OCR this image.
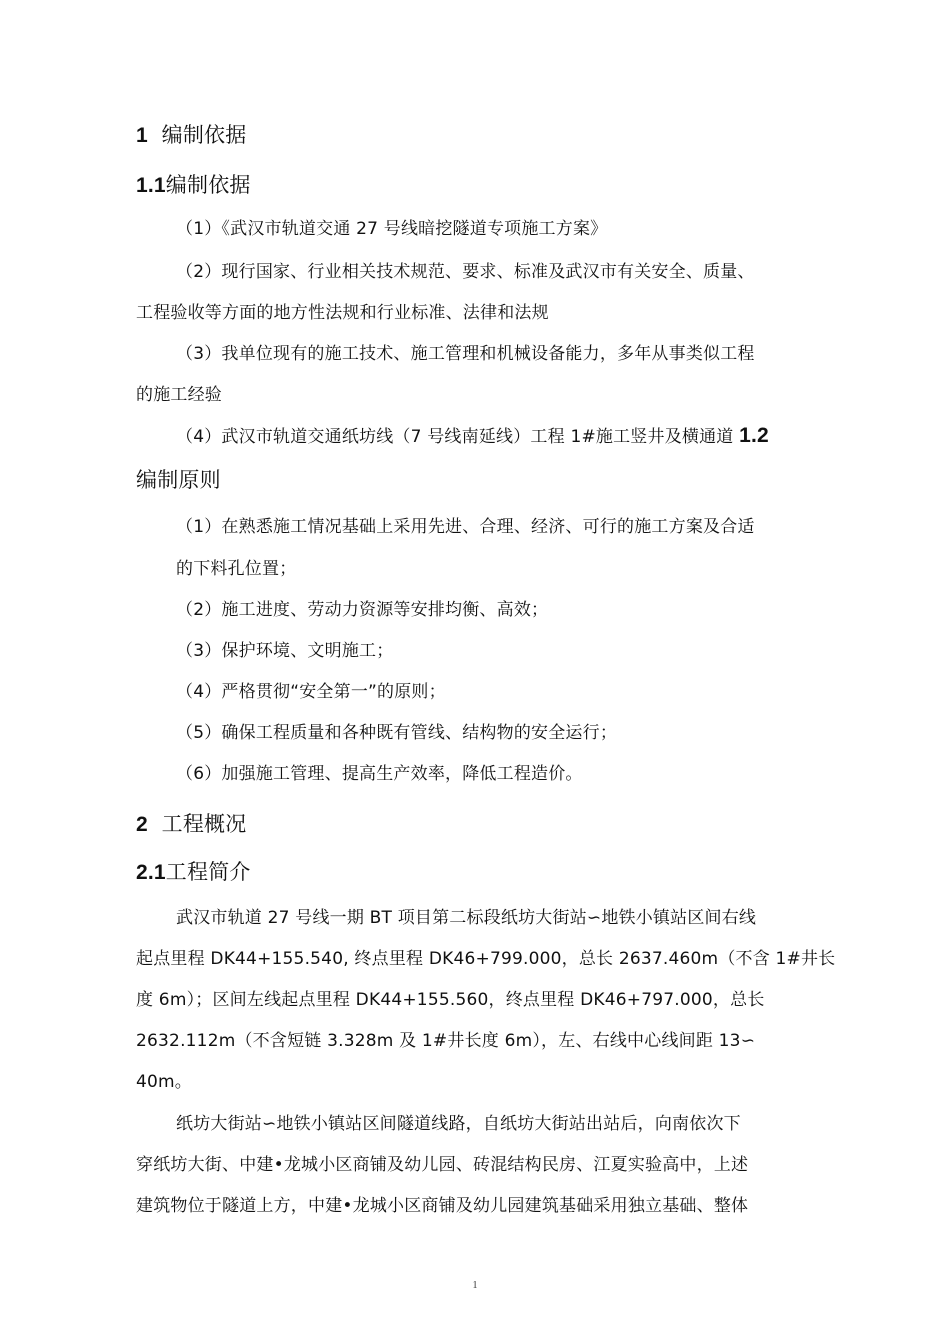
1 编制依据
1.1编制依据
（1）《武汉市轨道交通 27 号线暗挖隧道专项施工方案》
（2）现行国家、行业相关技术规范、要求、标准及武汉市有关安全、质量、
工程验收等方面的地方性法规和行业标准、法律和法规
（3）我单位现有的施工技术、施工管理和机械设备能力，多年从事类似工程
的施工经验
（4）武汉市轨道交通纸坊线（7 号线南延线）工程 1#施工竖井及横通道 1.2
编制原则
（1）在熟悉施工情况基础上采用先进、合理、经济、可行的施工方案及合适
的下料孔位置；
（2）施工进度、劳动力资源等安排均衡、高效；
（3）保护环境、文明施工；
（4）严格贯彻“安全第一”的原则；
（5）确保工程质量和各种既有管线、结构物的安全运行；
（6）加强施工管理、提高生产效率，降低工程造价。
2 工程概况
2.1工程简介
武汉市轨道 27 号线一期 BT 项目第二标段纸坊大街站∽地铁小镇站区间右线
起点里程 DK44+155.540, 终点里程 DK46+799.000，总长 2637.460m（不含 1#井长
度 6m）；区间左线起点里程 DK44+155.560，终点里程 DK46+797.000，总长
2632.112m（不含短链 3.328m 及 1#井长度 6m），左、右线中心线间距 13∽
40m。
纸坊大街站∽地铁小镇站区间隧道线路，自纸坊大街站出站后，向南依次下
穿纸坊大街、中建•龙城小区商铺及幼儿园、砖混结构民房、江夏实验高中，上述
建筑物位于隧道上方，中建•龙城小区商铺及幼儿园建筑基础采用独立基础、整体
1
